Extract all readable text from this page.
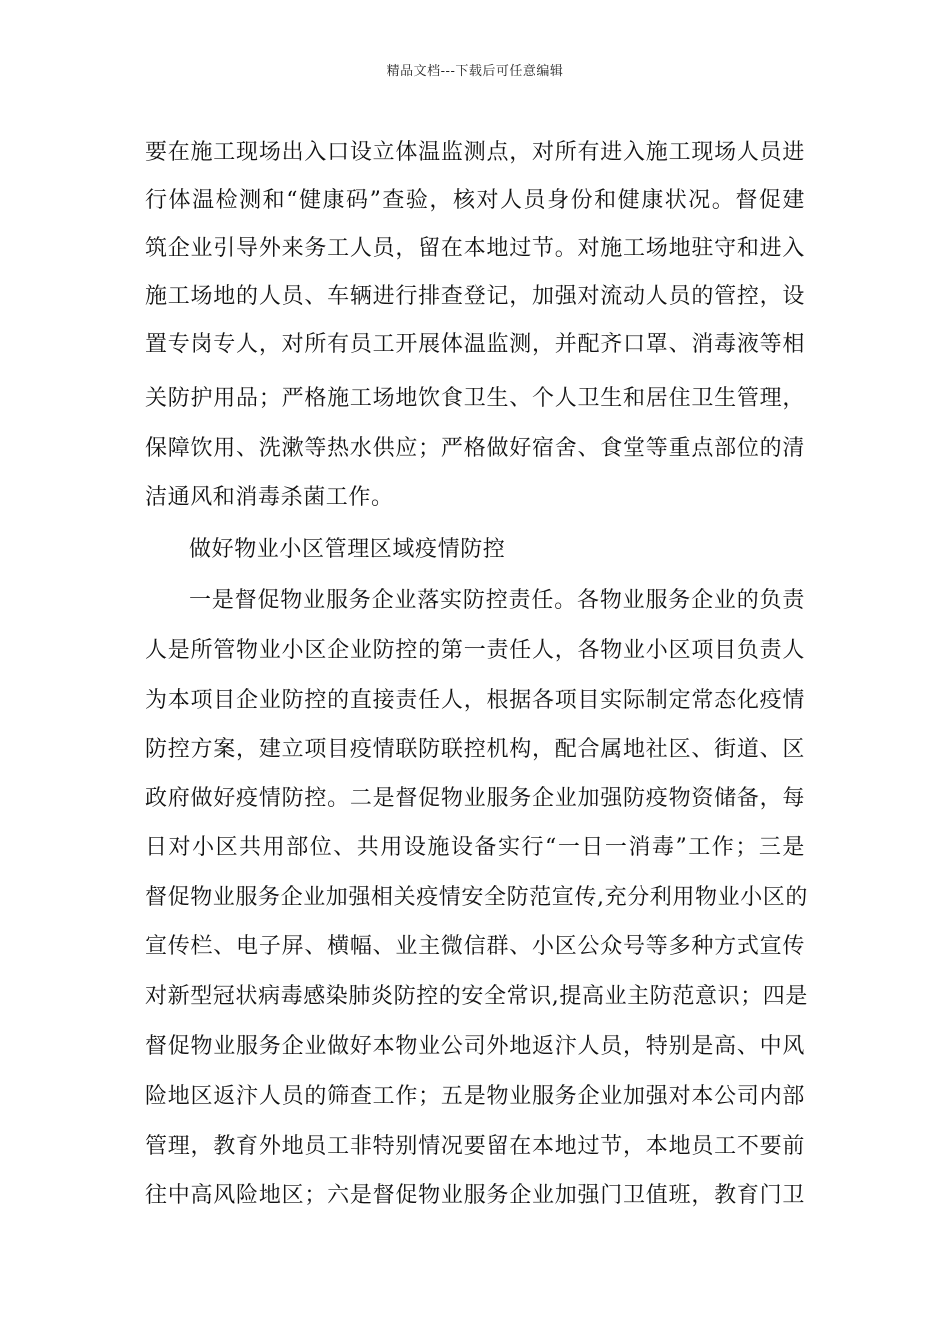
精品文档---下载后可任意编辑
要在施工现场出入口设立体温监测点，对所有进入施工现场人员进
行体温检测和“健康码”查验，核对人员身份和健康状况。督促建
筑企业引导外来务工人员，留在本地过节。对施工场地驻守和进入
施工场地的人员、车辆进行排查登记，加强对流动人员的管控，设
置专岗专人，对所有员工开展体温监测，并配齐口罩、消毒液等相
关防护用品；严格施工场地饮食卫生、个人卫生和居住卫生管理，
保障饮用、洗漱等热水供应；严格做好宿舍、食堂等重点部位的清
洁通风和消毒杀菌工作。
做好物业小区管理区域疫情防控
一是督促物业服务企业落实防控责任。各物业服务企业的负责
人是所管物业小区企业防控的第一责任人，各物业小区项目负责人
为本项目企业防控的直接责任人，根据各项目实际制定常态化疫情
防控方案，建立项目疫情联防联控机构，配合属地社区、街道、区
政府做好疫情防控。二是督促物业服务企业加强防疫物资储备，每
日对小区共用部位、共用设施设备实行“一日一消毒”工作；三是
督促物业服务企业加强相关疫情安全防范宣传,充分利用物业小区的
宣传栏、电子屏、横幅、业主微信群、小区公众号等多种方式宣传
对新型冠状病毒感染肺炎防控的安全常识,提高业主防范意识；四是
督促物业服务企业做好本物业公司外地返汴人员，特别是高、中风
险地区返汴人员的筛查工作；五是物业服务企业加强对本公司内部
管理，教育外地员工非特别情况要留在本地过节，本地员工不要前
往中高风险地区；六是督促物业服务企业加强门卫值班，教育门卫
